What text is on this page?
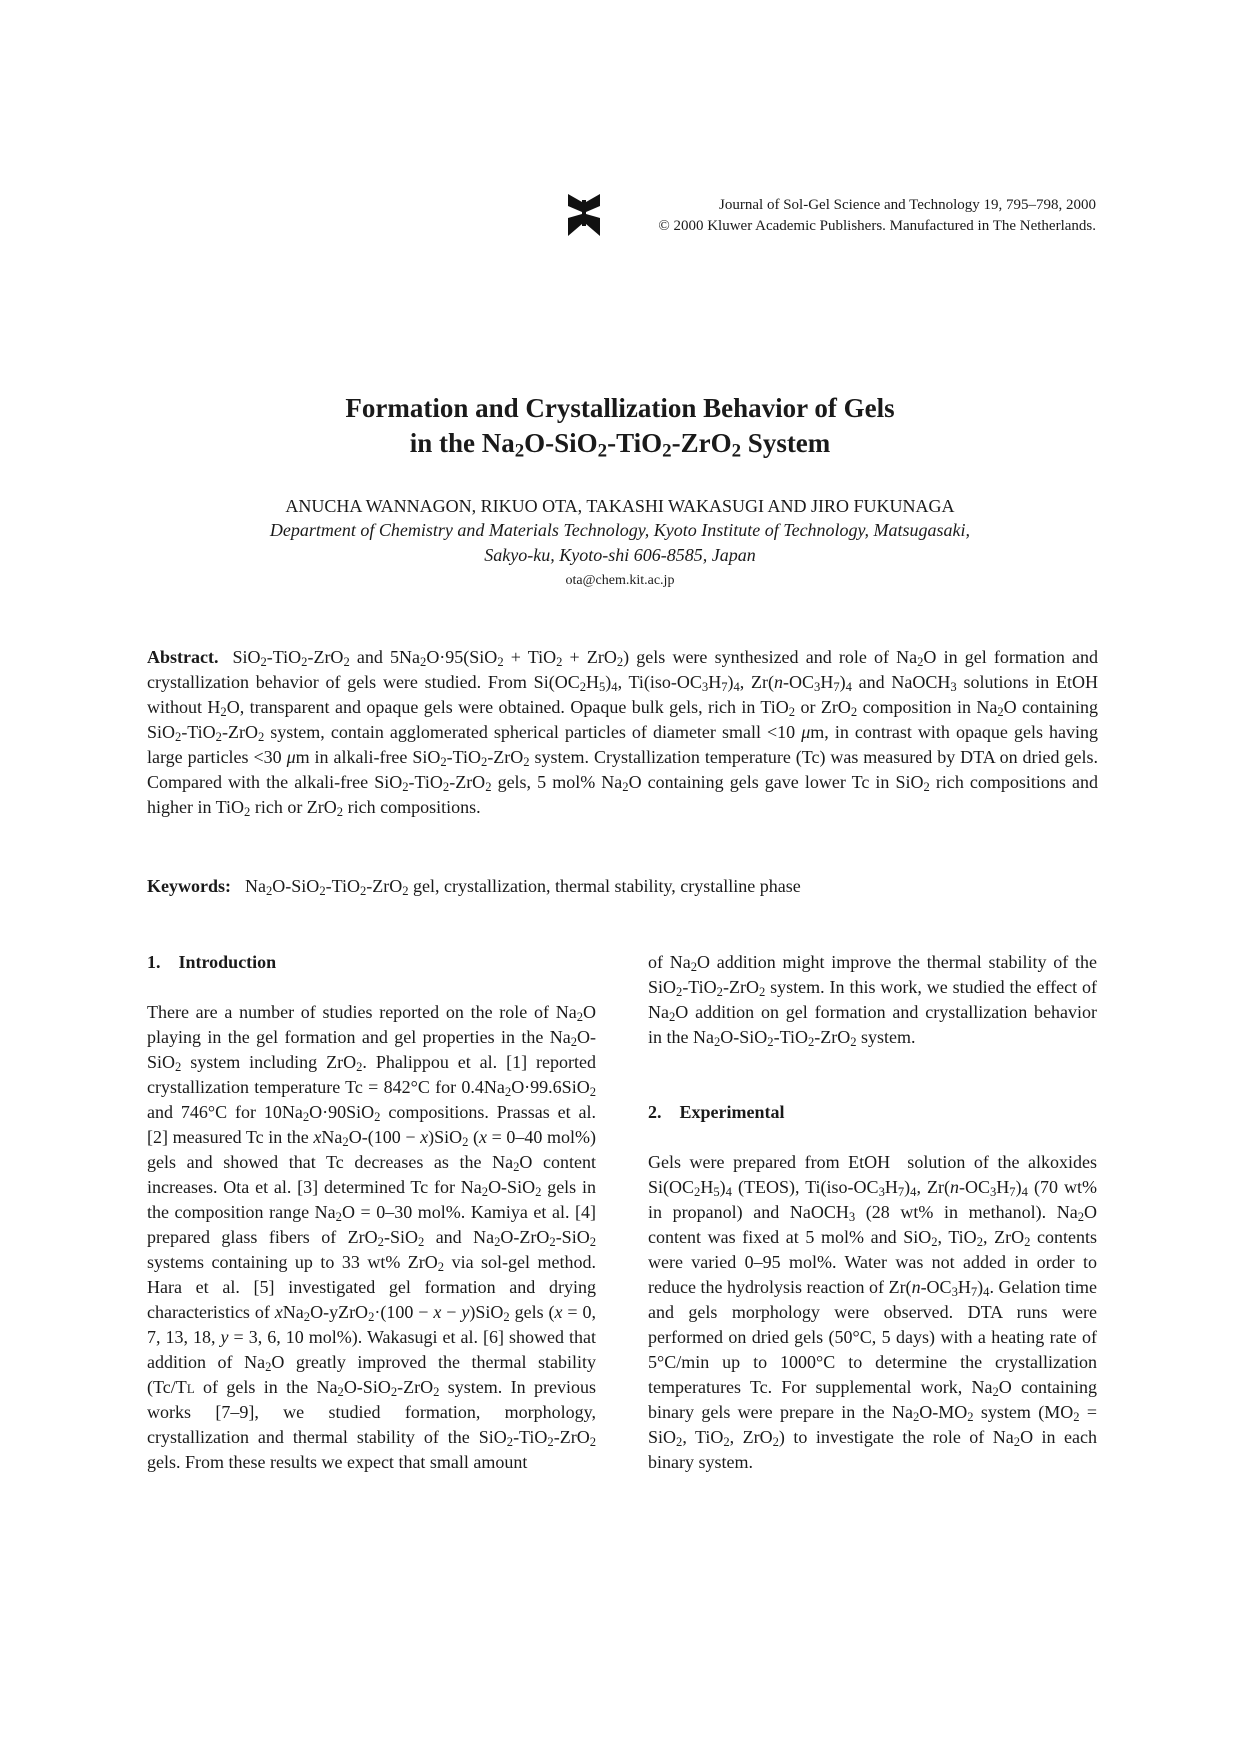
Journal of Sol-Gel Science and Technology 19, 795–798, 2000
© 2000 Kluwer Academic Publishers. Manufactured in The Netherlands.
Formation and Crystallization Behavior of Gels
in the $Na_2O-SiO_2-TiO_2-ZrO_2$ System
ANUCHA WANNAGON, RIKUO OTA, TAKASHI WAKASUGI AND JIRO FUKUNAGA
Department of Chemistry and Materials Technology, Kyoto Institute of Technology, Matsugasaki,
Sakyo-ku, Kyoto-shi 606-8585, Japan
ota@chem.kit.ac.jp

Abstract. SiO$_2$-TiO$_2$-ZrO$_2$ and $5Na_2O\cdot 95(SiO_2 + TiO_2 + ZrO_2)$ gels were synthesized and role of $Na_2O$ in gel formation and crystallization behavior of gels were studied. From $Si(OC_2H_5)_4$, $Ti(iso-OC_3H_7)_4$, $Zr(n-OC_3H_7)_4$ and NaOCH$_3$ solutions in EtOH without $H_2O$, transparent and opaque gels were obtained. Opaque bulk gels, rich in TiO$_2$ or ZrO$_2$ composition in $Na_2O$ containing SiO$_2$-TiO$_2$-ZrO$_2$ system, contain agglomerated spherical particles of diameter small <10 μm, in contrast with opaque gels having large particles <30 μm in alkali-free SiO$_2$-TiO$_2$-ZrO$_2$ system. Crystallization temperature (Tc) was measured by DTA on dried gels. Compared with the alkali-free SiO$_2$-TiO$_2$-ZrO$_2$ gels, 5 mol% $Na_2O$ containing gels gave lower Tc in SiO$_2$ rich compositions and higher in TiO$_2$ rich or ZrO$_2$ rich compositions.

Keywords: $Na_2O-SiO_2-TiO_2-ZrO_2$ gel, crystallization, thermal stability, crystalline phase

1. Introduction

There are a number of studies reported on the role of $Na_2O$ playing in the gel formation and gel properties in the $Na_2O-SiO_2$ system including ZrO$_2$. Phalippou et al. [1] reported crystallization temperature Tc = 842°C for $0.4Na_2O\cdot 99.6SiO_2$ and 746°C for $10Na_2O\cdot 90SiO_2$ compositions. Prassas et al. [2] measured Tc in the xNa$_2$O-(100 − x)SiO$_2$ (x = 0–40 mol%) gels and showed that Tc decreases as the $Na_2O$ content increases. Ota et al. [3] determined Tc for $Na_2O-SiO_2$ gels in the composition range $Na_2O = 0-30$ mol%. Kamiya et al. [4] prepared glass fibers of ZrO$_2$-SiO$_2$ and $Na_2O-ZrO_2-SiO_2$ systems containing up to 33 wt% ZrO$_2$ via sol-gel method. Hara et al. [5] investigated gel formation and drying characteristics of xNa$_2$O-yZrO$_2$·(100 − x − y)SiO$_2$ gels (x = 0, 7, 13, 18, y = 3, 6, 10 mol%). Wakasugi et al. [6] showed that addition of $Na_2O$ greatly improved the thermal stability (Tc/Tl of gels in the $Na_2O-SiO_2-ZrO_2$ system. In previous works [7–9], we studied formation, morphology, crystallization and thermal stability of the SiO$_2$-TiO$_2$-ZrO$_2$ gels. From these results we expect that small amount

of $Na_2O$ addition might improve the thermal stability of the SiO$_2$-TiO$_2$-ZrO$_2$ system. In this work, we studied the effect of $Na_2O$ addition on gel formation and crystallization behavior in the $Na_2O-SiO_2-TiO_2-ZrO_2$ system.

2. Experimental

Gels were prepared from EtOH  solution of the alkoxides $Si(OC_2H_5)_4$ (TEOS), $Ti(iso-OC_3H_7)_4$, $Zr(n-OC_3H_7)_4$ (70 wt% in propanol) and NaOCH$_3$ (28 wt% in methanol). $Na_2O$ content was fixed at 5 mol% and SiO$_2$, TiO$_2$, ZrO$_2$ contents were varied 0–95 mol%. Water was not added in order to reduce the hydrolysis reaction of $Zr(n-OC_3H_7)_4$. Gelation time and gels morphology were observed. DTA runs were performed on dried gels (50°C, 5 days) with a heating rate of 5°C/min up to 1000°C to determine the crystallization temperatures Tc. For supplemental work, $Na_2O$ containing binary gels were prepare in the $Na_2O-MO_2$ system ($MO_2 = SiO_2$, TiO$_2$, ZrO$_2$) to investigate the role of $Na_2O$ in each binary system.
